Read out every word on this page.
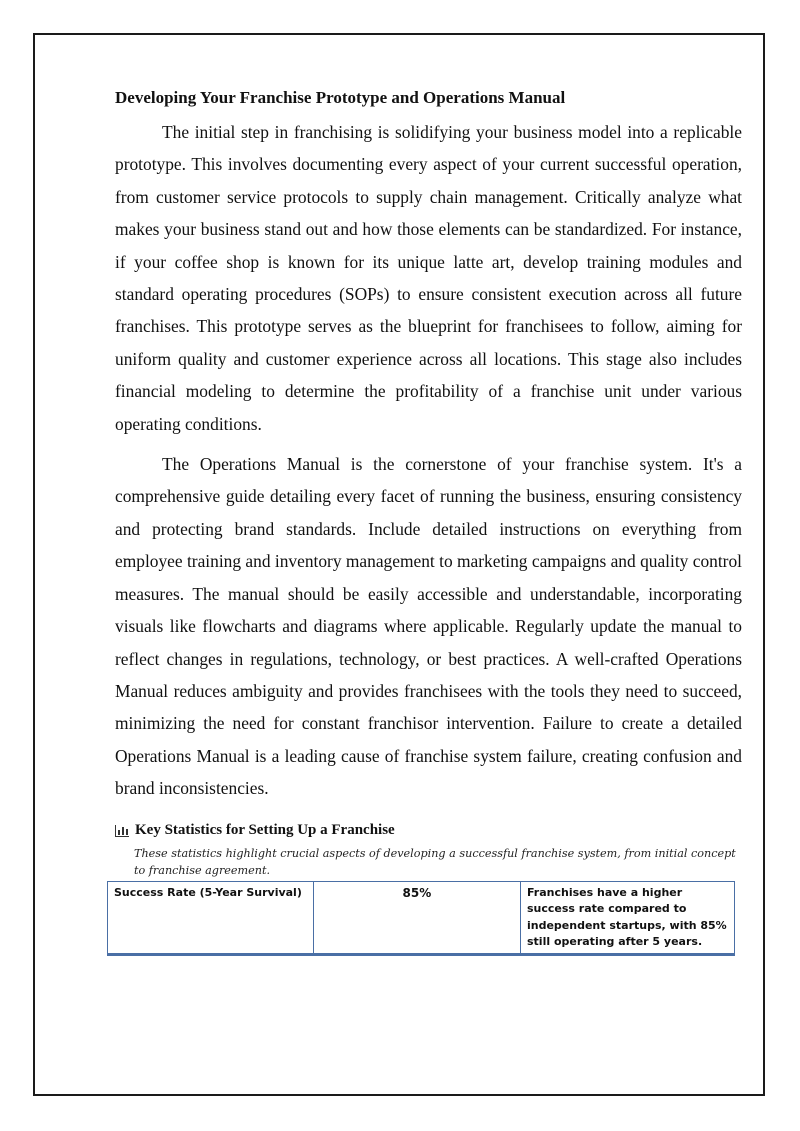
Developing Your Franchise Prototype and Operations Manual

The initial step in franchising is solidifying your business model into a replicable prototype. This involves documenting every aspect of your current successful operation, from customer service protocols to supply chain management. Critically analyze what makes your business stand out and how those elements can be standardized. For instance, if your coffee shop is known for its unique latte art, develop training modules and standard operating procedures (SOPs) to ensure consistent execution across all future franchises. This prototype serves as the blueprint for franchisees to follow, aiming for uniform quality and customer experience across all locations. This stage also includes financial modeling to determine the profitability of a franchise unit under various operating conditions.

The Operations Manual is the cornerstone of your franchise system. It's a comprehensive guide detailing every facet of running the business, ensuring consistency and protecting brand standards. Include detailed instructions on everything from employee training and inventory management to marketing campaigns and quality control measures. The manual should be easily accessible and understandable, incorporating visuals like flowcharts and diagrams where applicable. Regularly update the manual to reflect changes in regulations, technology, or best practices. A well-crafted Operations Manual reduces ambiguity and provides franchisees with the tools they need to succeed, minimizing the need for constant franchisor intervention. Failure to create a detailed Operations Manual is a leading cause of franchise system failure, creating confusion and brand inconsistencies.

Key Statistics for Setting Up a Franchise
These statistics highlight crucial aspects of developing a successful franchise system, from initial concept to franchise agreement.
Success Rate (5-Year Survival)	85%	Franchises have a higher success rate compared to independent startups, with 85% still operating after 5 years.
